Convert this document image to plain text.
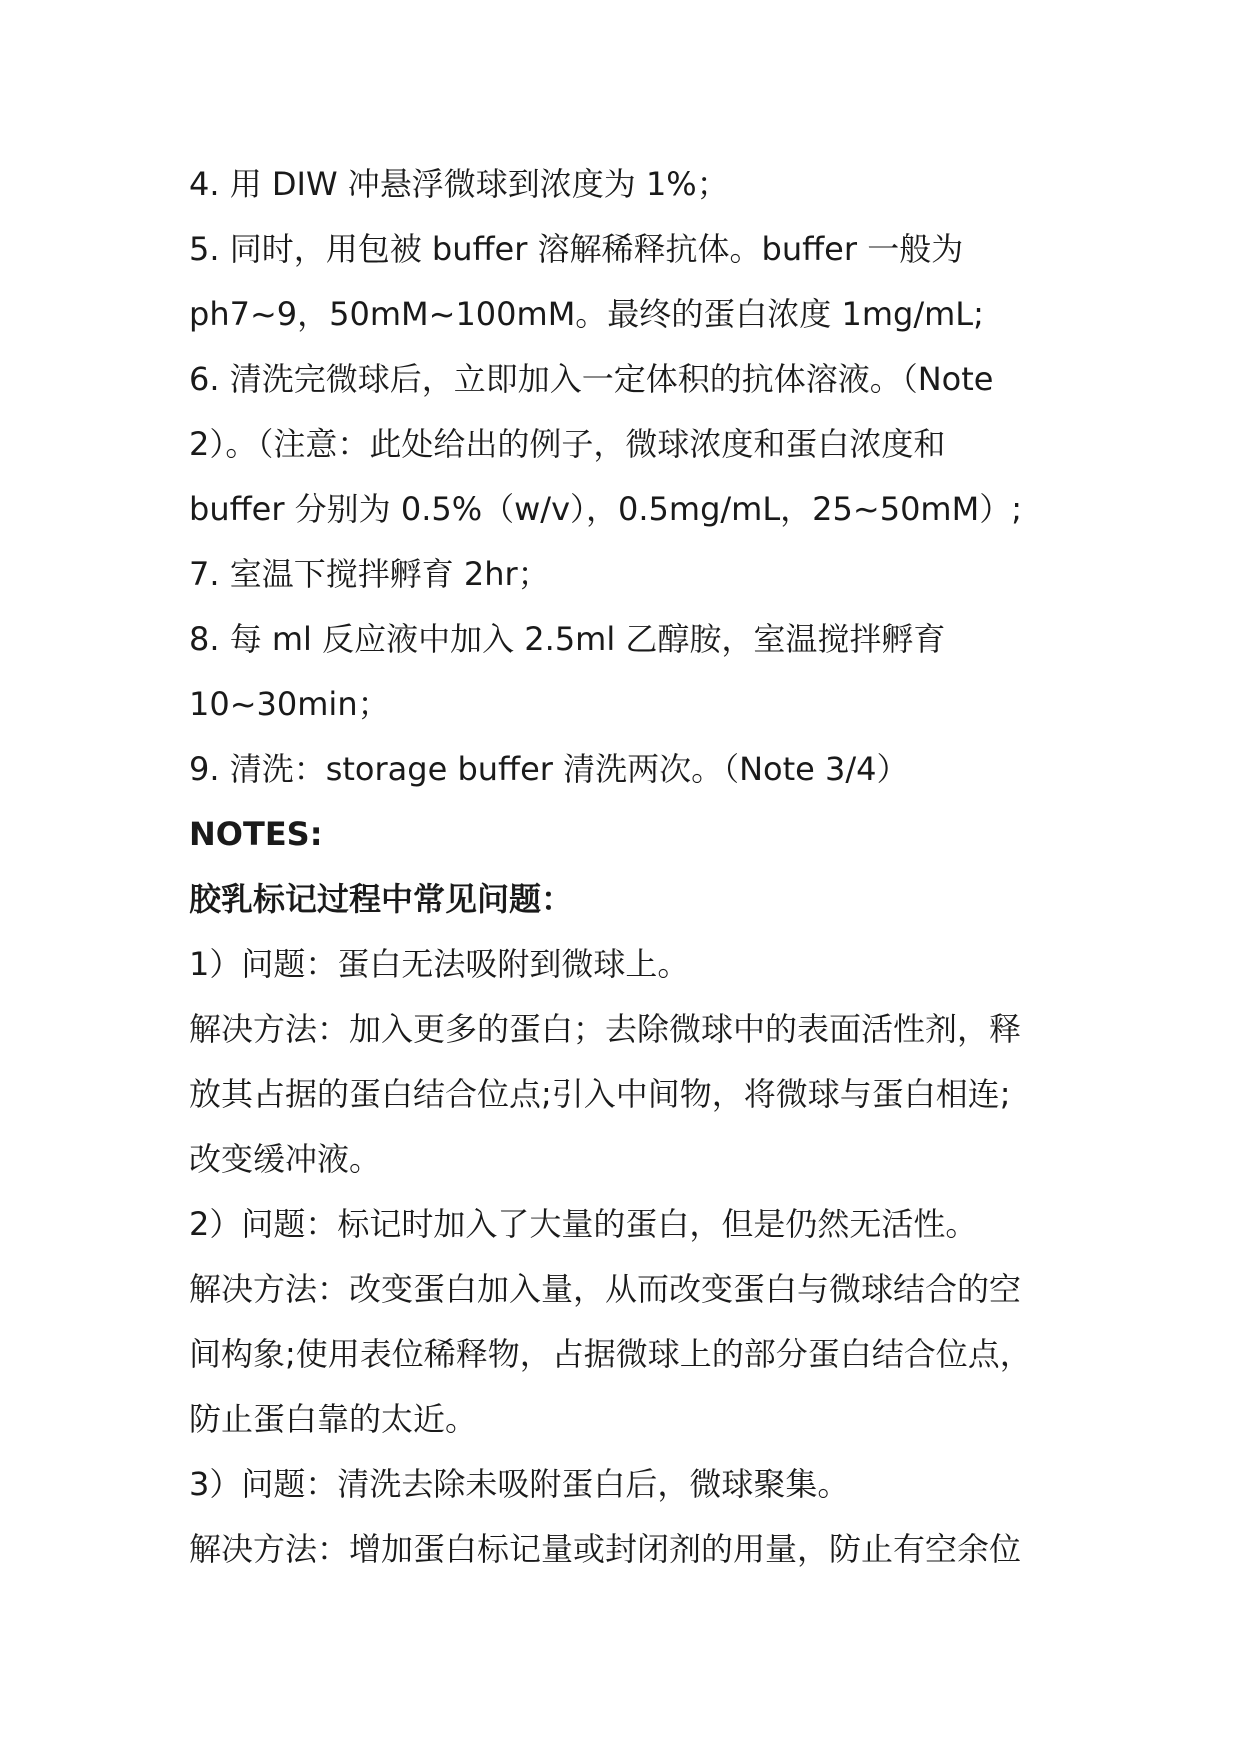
4. 用 DIW 冲悬浮微球到浓度为 1%；
5. 同时，用包被 buffer 溶解稀释抗体。buffer 一般为
ph7~9，50mM~100mM。最终的蛋白浓度 1mg/mL;
6. 清洗完微球后，立即加入一定体积的抗体溶液。（Note
2）。（注意：此处给出的例子，微球浓度和蛋白浓度和
buffer 分别为 0.5%（w/v），0.5mg/mL，25~50mM）;
7. 室温下搅拌孵育 2hr；
8. 每 ml 反应液中加入 2.5ml 乙醇胺，室温搅拌孵育
10~30min；
9. 清洗：storage buffer 清洗两次。（Note 3/4）
NOTES:
胶乳标记过程中常见问题：
1）问题：蛋白无法吸附到微球上。
解决方法：加入更多的蛋白；去除微球中的表面活性剂，释
放其占据的蛋白结合位点;引入中间物，将微球与蛋白相连;
改变缓冲液。
2）问题：标记时加入了大量的蛋白，但是仍然无活性。
解决方法：改变蛋白加入量，从而改变蛋白与微球结合的空
间构象;使用表位稀释物，占据微球上的部分蛋白结合位点，
防止蛋白靠的太近。
3）问题：清洗去除未吸附蛋白后，微球聚集。
解决方法：增加蛋白标记量或封闭剂的用量，防止有空余位
